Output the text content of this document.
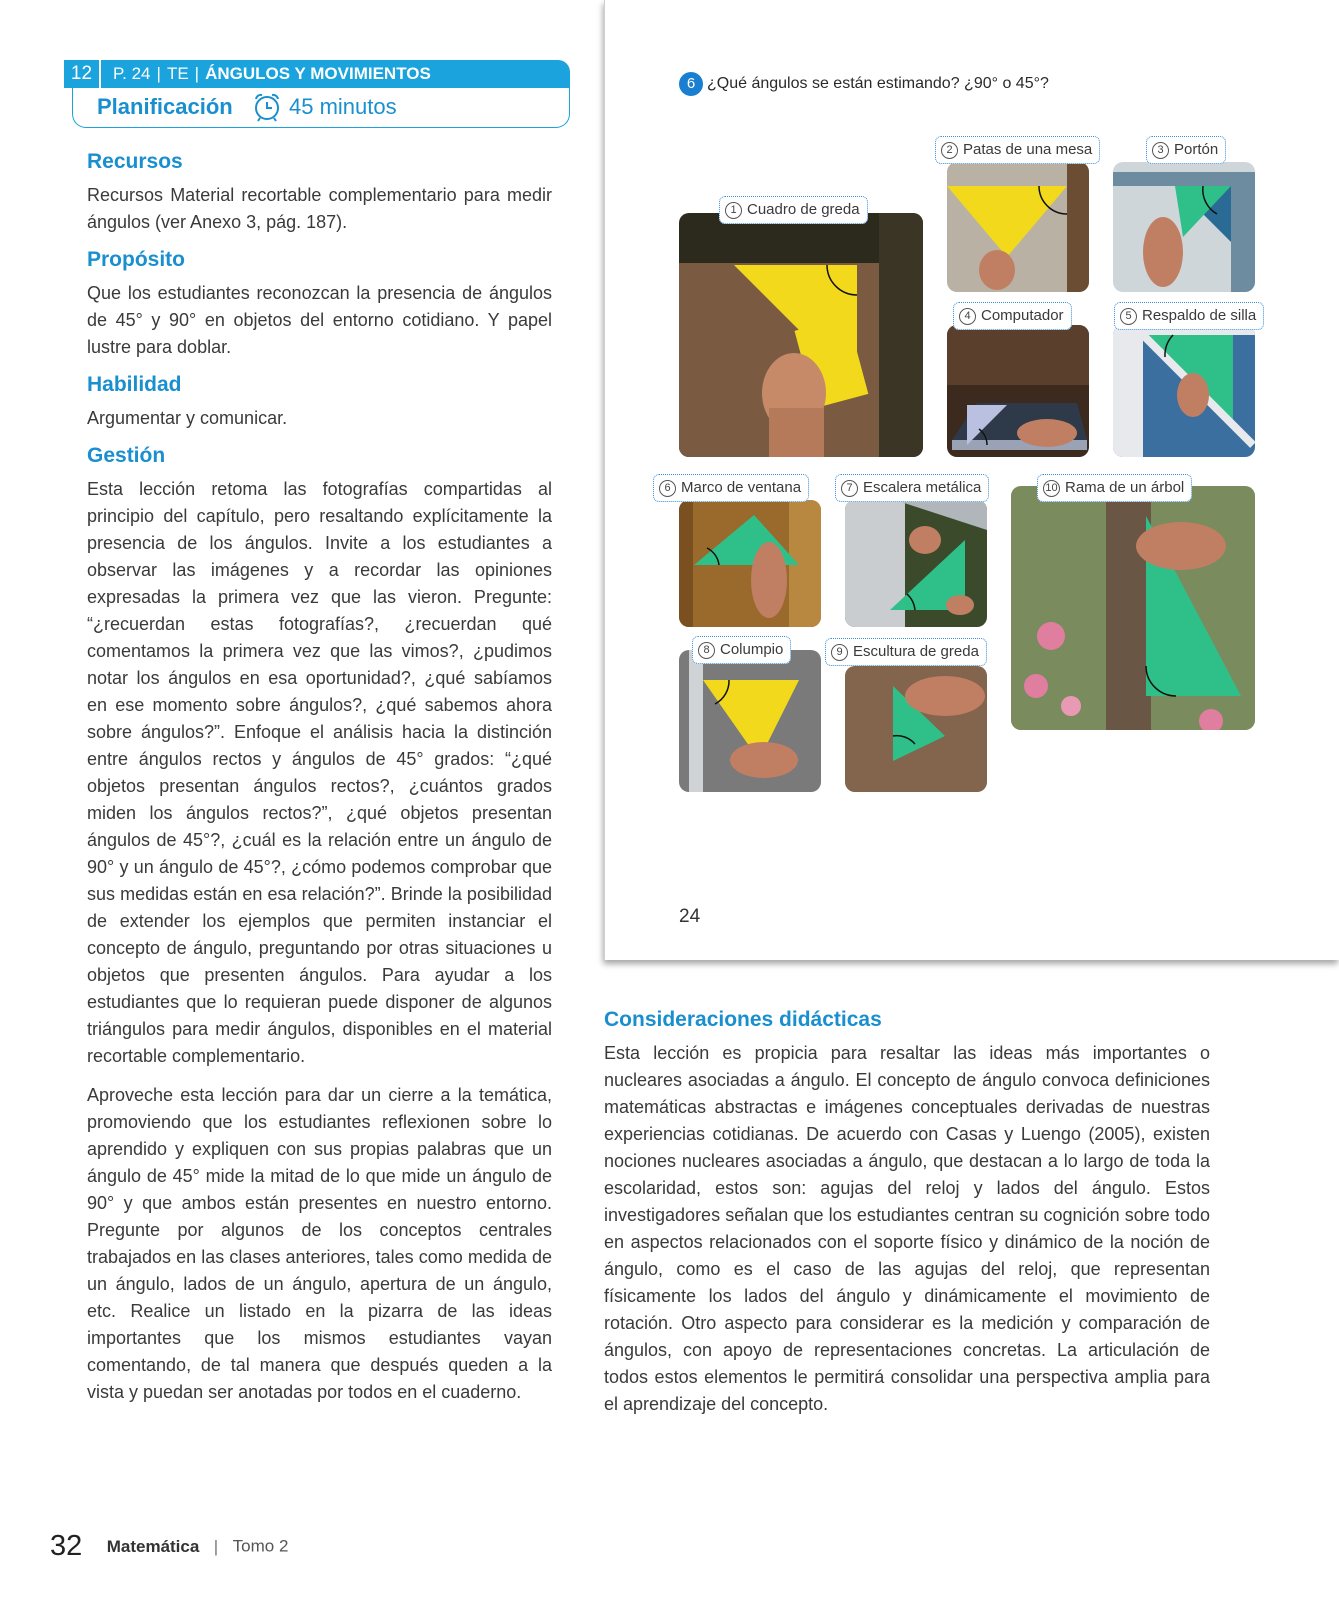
12	P. 24 | TE | ÁNGULOS Y MOVIMIENTOS
Planificación	45 minutos
Recursos

Recursos Material recortable complementario para medir ángulos (ver Anexo 3, pág. 187).

Propósito

Que los estudiantes reconozcan la presencia de ángulos de 45° y 90° en objetos del entorno cotidiano. Y papel lustre para doblar.

Habilidad

Argumentar y comunicar.

Gestión

Esta lección retoma las fotografías compartidas al principio del capítulo, pero resaltando explícitamente la presencia de los ángulos. Invite a los estudiantes a observar las imágenes y a recordar las opiniones expresadas la primera vez que las vieron. Pregunte: “¿recuerdan estas fotografías?, ¿recuerdan qué comentamos la primera vez que las vimos?, ¿pudimos notar los ángulos en esa oportunidad?, ¿qué sabíamos en ese momento sobre ángulos?, ¿qué sabemos ahora sobre ángulos?”. Enfoque el análisis hacia la distinción entre ángulos rectos y ángulos de 45° grados: “¿qué objetos presentan ángulos rectos?, ¿cuántos grados miden los ángulos rectos?”, ¿qué objetos presentan ángulos de 45°?, ¿cuál es la relación entre un ángulo de 90° y un ángulo de 45°?, ¿cómo podemos comprobar que sus medidas están en esa relación?”. Brinde la posibilidad de extender los ejemplos que permiten instanciar el concepto de ángulo, preguntando por otras situaciones u objetos que presenten ángulos. Para ayudar a los estudiantes que lo requieran puede disponer de algunos triángulos para medir ángulos, disponibles en el material recortable complementario.

Aproveche esta lección para dar un cierre a la temática, promoviendo que los estudiantes reflexionen sobre lo aprendido y expliquen con sus propias palabras que un ángulo de 45° mide la mitad de lo que mide un ángulo de 90° y que ambos están presentes en nuestro entorno. Pregunte por algunos de los conceptos centrales trabajados en las clases anteriores, tales como medida de un ángulo, lados de un ángulo, apertura de un ángulo, etc. Realice un listado en la pizarra de las ideas importantes que los mismos estudiantes vayan comentando, de tal manera que después queden a la vista y puedan ser anotadas por todos en el cuaderno.

6 ¿Qué ángulos se están estimando? ¿90° o 45°?
1 Cuadro de greda
2 Patas de una mesa	3 Portón
4 Computador	5 Respaldo de silla
6 Marco de ventana	7 Escalera metálica	10 Rama de un árbol
8 Columpio	9 Escultura de greda
24
Consideraciones didácticas

Esta lección es propicia para resaltar las ideas más importantes o nucleares asociadas a ángulo. El concepto de ángulo convoca definiciones matemáticas abstractas e imágenes conceptuales derivadas de nuestras experiencias cotidianas. De acuerdo con Casas y Luengo (2005), existen nociones nucleares asociadas a ángulo, que destacan a lo largo de toda la escolaridad, estos son: agujas del reloj y lados del ángulo. Estos investigadores señalan que los estudiantes centran su cognición sobre todo en aspectos relacionados con el soporte físico y dinámico de la noción de ángulo, como es el caso de las agujas del reloj, que representan físicamente los lados del ángulo y dinámicamente el movimiento de rotación. Otro aspecto para considerar es la medición y comparación de ángulos, con apoyo de representaciones concretas. La articulación de todos estos elementos le permitirá consolidar una perspectiva amplia para el aprendizaje del concepto.

32 Matemática | Tomo 2
